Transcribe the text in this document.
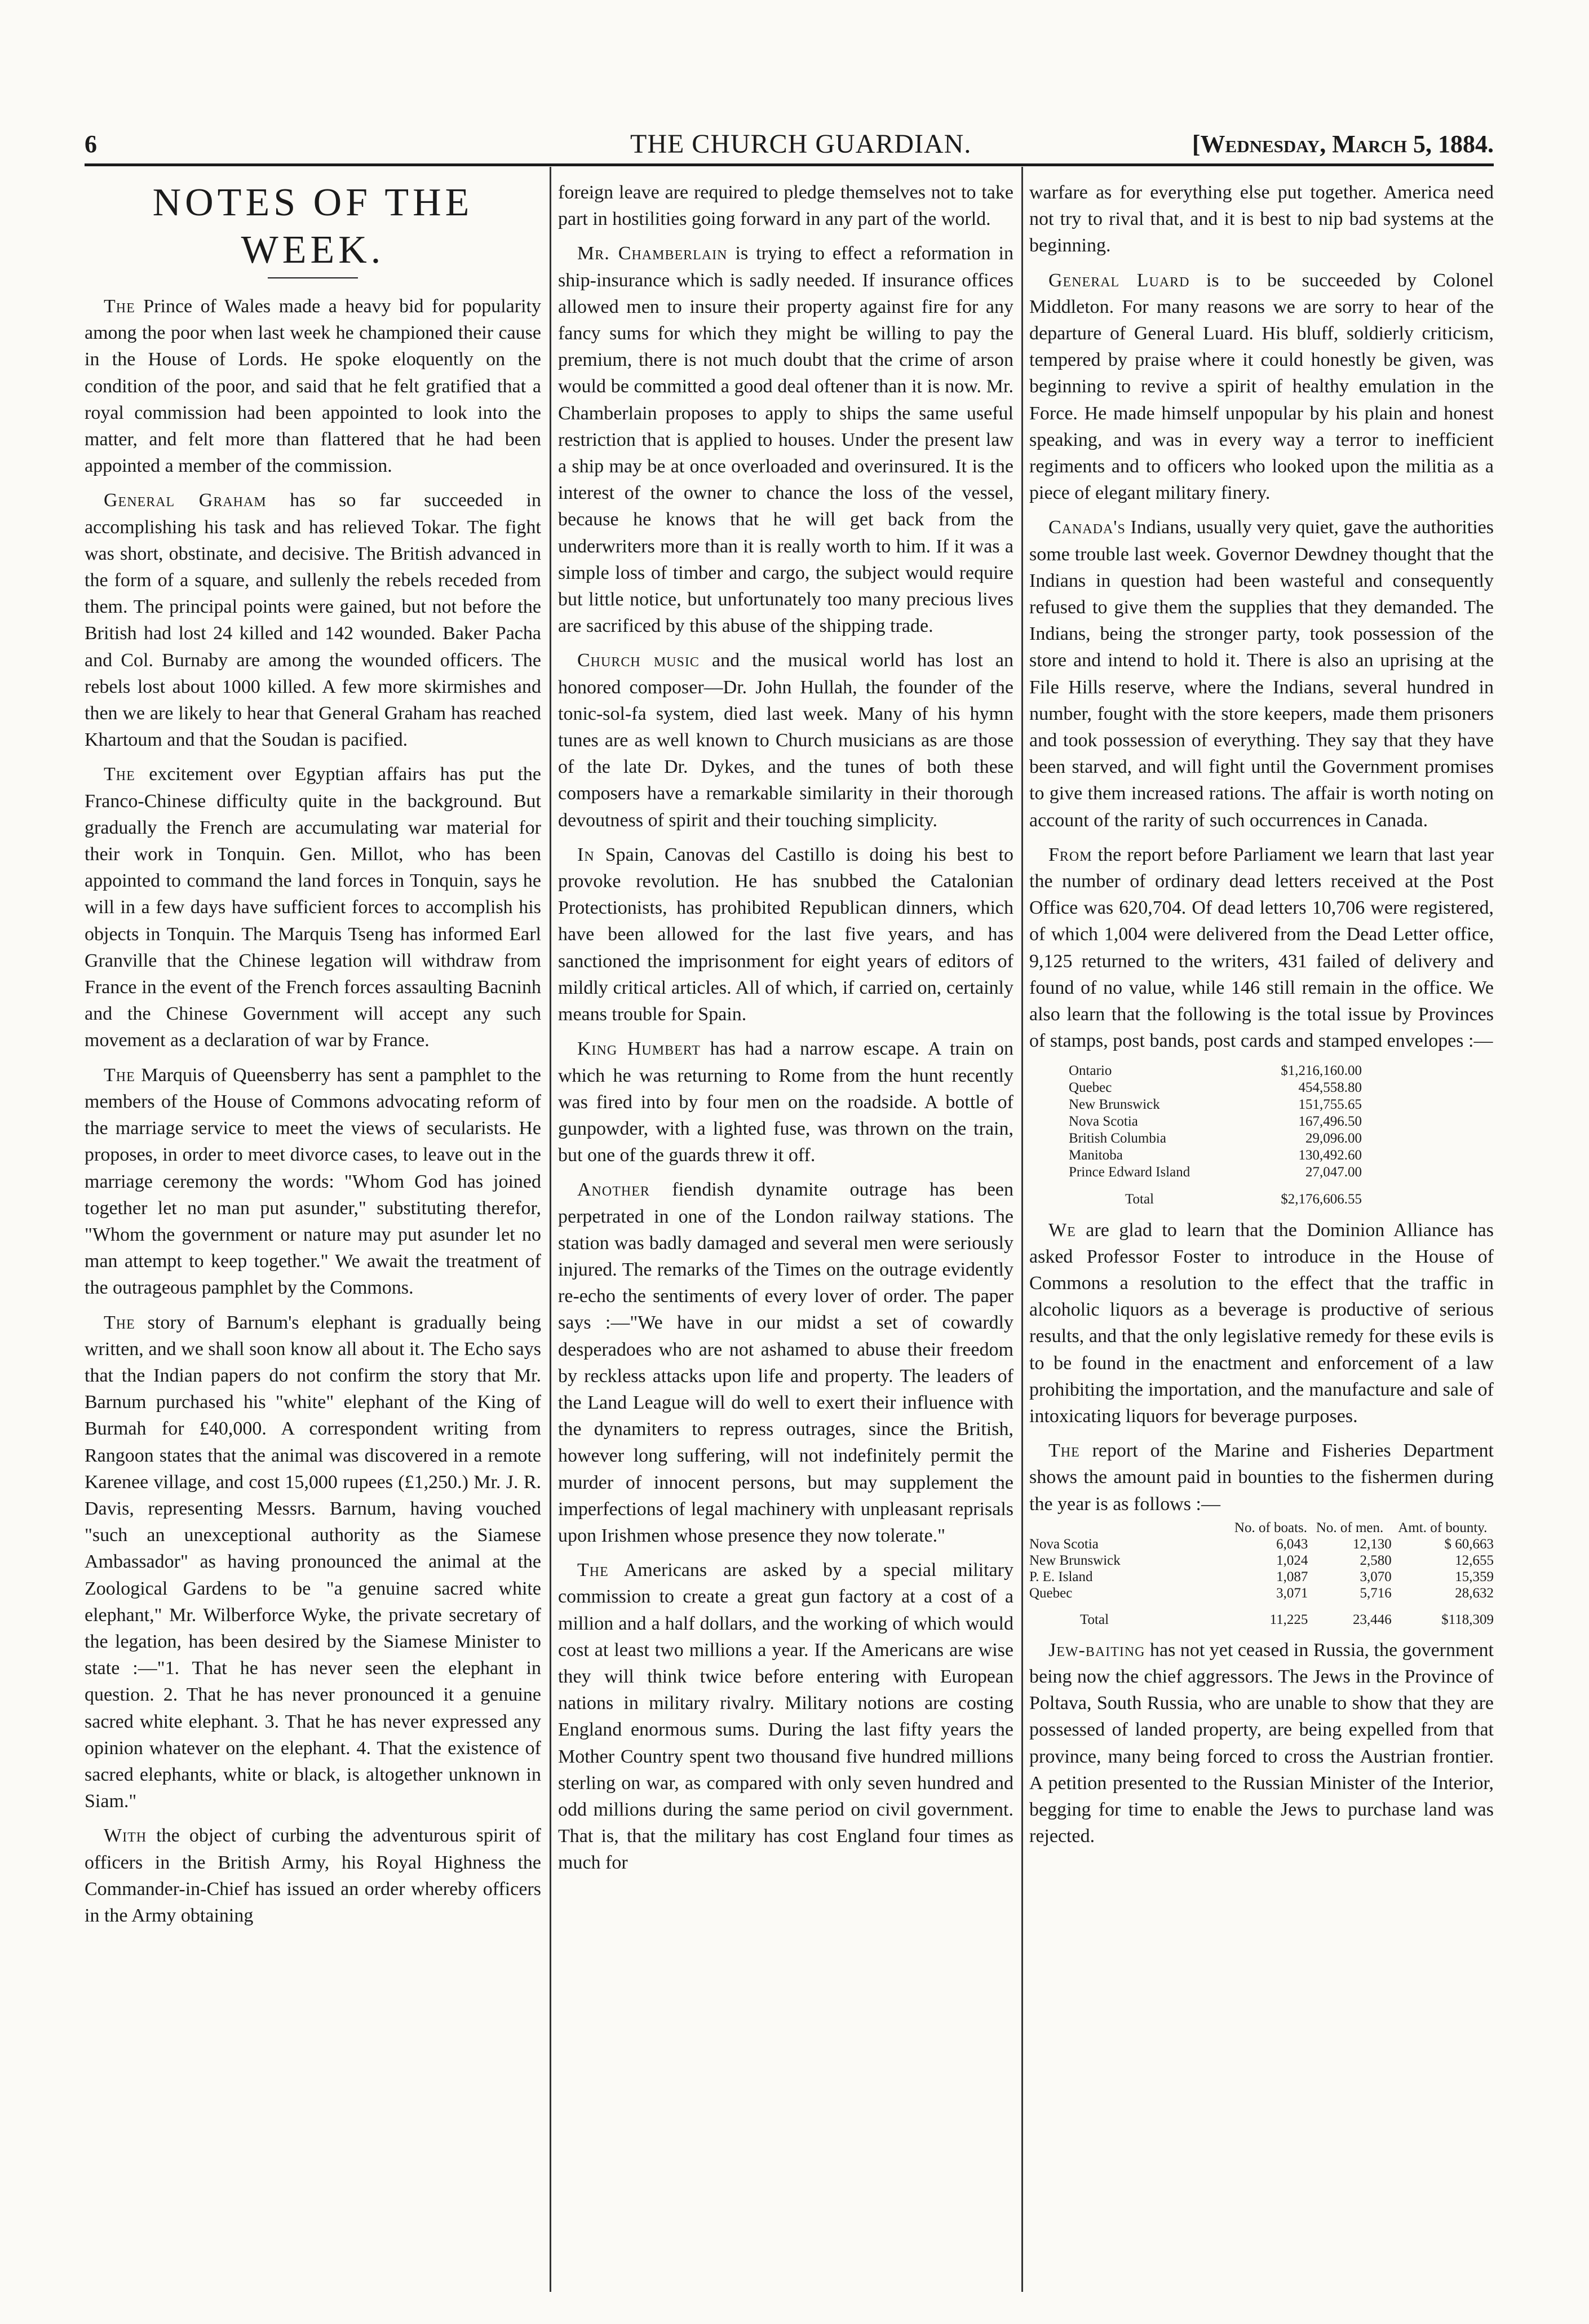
6	THE CHURCH GUARDIAN.	[Wednesday, March 5, 1884.
NOTES OF THE WEEK.

The Prince of Wales made a heavy bid for popularity among the poor when last week he championed their cause in the House of Lords. He spoke eloquently on the condition of the poor, and said that he felt gratified that a royal commission had been appointed to look into the matter, and felt more than flattered that he had been appointed a member of the commission.

General Graham has so far succeeded in accomplishing his task and has relieved Tokar. The fight was short, obstinate, and decisive. The British advanced in the form of a square, and sullenly the rebels receded from them. The principal points were gained, but not before the British had lost 24 killed and 142 wounded. Baker Pacha and Col. Burnaby are among the wounded officers. The rebels lost about 1000 killed. A few more skirmishes and then we are likely to hear that General Graham has reached Khartoum and that the Soudan is pacified.

The excitement over Egyptian affairs has put the Franco-Chinese difficulty quite in the background. But gradually the French are accumulating war material for their work in Tonquin. Gen. Millot, who has been appointed to command the land forces in Tonquin, says he will in a few days have sufficient forces to accomplish his objects in Tonquin. The Marquis Tseng has informed Earl Granville that the Chinese legation will withdraw from France in the event of the French forces assaulting Bacninh and the Chinese Government will accept any such movement as a declaration of war by France.

The Marquis of Queensberry has sent a pamphlet to the members of the House of Commons advocating reform of the marriage service to meet the views of secularists. He proposes, in order to meet divorce cases, to leave out in the marriage ceremony the words: "Whom God has joined together let no man put asunder," substituting therefor, "Whom the government or nature may put asunder let no man attempt to keep together." We await the treatment of the outrageous pamphlet by the Commons.

The story of Barnum's elephant is gradually being written, and we shall soon know all about it. The Echo says that the Indian papers do not confirm the story that Mr. Barnum purchased his "white" elephant of the King of Burmah for £40,000. A correspondent writing from Rangoon states that the animal was discovered in a remote Karenee village, and cost 15,000 rupees (£1,250.) Mr. J. R. Davis, representing Messrs. Barnum, having vouched "such an unexceptional authority as the Siamese Ambassador" as having pronounced the animal at the Zoological Gardens to be "a genuine sacred white elephant," Mr. Wilberforce Wyke, the private secretary of the legation, has been desired by the Siamese Minister to state :—"1. That he has never seen the elephant in question. 2. That he has never pronounced it a genuine sacred white elephant. 3. That he has never expressed any opinion whatever on the elephant. 4. That the existence of sacred elephants, white or black, is altogether unknown in Siam."

With the object of curbing the adventurous spirit of officers in the British Army, his Royal Highness the Commander-in-Chief has issued an order whereby officers in the Army obtaining

foreign leave are required to pledge themselves not to take part in hostilities going forward in any part of the world.

Mr. Chamberlain is trying to effect a reformation in ship-insurance which is sadly needed. If insurance offices allowed men to insure their property against fire for any fancy sums for which they might be willing to pay the premium, there is not much doubt that the crime of arson would be committed a good deal oftener than it is now. Mr. Chamberlain proposes to apply to ships the same useful restriction that is applied to houses. Under the present law a ship may be at once overloaded and overinsured. It is the interest of the owner to chance the loss of the vessel, because he knows that he will get back from the underwriters more than it is really worth to him. If it was a simple loss of timber and cargo, the subject would require but little notice, but unfortunately too many precious lives are sacrificed by this abuse of the shipping trade.

Church music and the musical world has lost an honored composer—Dr. John Hullah, the founder of the tonic-sol-fa system, died last week. Many of his hymn tunes are as well known to Church musicians as are those of the late Dr. Dykes, and the tunes of both these composers have a remarkable similarity in their thorough devoutness of spirit and their touching simplicity.

In Spain, Canovas del Castillo is doing his best to provoke revolution. He has snubbed the Catalonian Protectionists, has prohibited Republican dinners, which have been allowed for the last five years, and has sanctioned the imprisonment for eight years of editors of mildly critical articles. All of which, if carried on, certainly means trouble for Spain.

King Humbert has had a narrow escape. A train on which he was returning to Rome from the hunt recently was fired into by four men on the roadside. A bottle of gunpowder, with a lighted fuse, was thrown on the train, but one of the guards threw it off.

Another fiendish dynamite outrage has been perpetrated in one of the London railway stations. The station was badly damaged and several men were seriously injured. The remarks of the Times on the outrage evidently re-echo the sentiments of every lover of order. The paper says :—"We have in our midst a set of cowardly desperadoes who are not ashamed to abuse their freedom by reckless attacks upon life and property. The leaders of the Land League will do well to exert their influence with the dynamiters to repress outrages, since the British, however long suffering, will not indefinitely permit the murder of innocent persons, but may supplement the imperfections of legal machinery with unpleasant reprisals upon Irishmen whose presence they now tolerate."

The Americans are asked by a special military commission to create a great gun factory at a cost of a million and a half dollars, and the working of which would cost at least two millions a year. If the Americans are wise they will think twice before entering with European nations in military rivalry. Military notions are costing England enormous sums. During the last fifty years the Mother Country spent two thousand five hundred millions sterling on war, as compared with only seven hundred and odd millions during the same period on civil government. That is, that the military has cost England four times as much for

warfare as for everything else put together. America need not try to rival that, and it is best to nip bad systems at the beginning.

General Luard is to be succeeded by Colonel Middleton. For many reasons we are sorry to hear of the departure of General Luard. His bluff, soldierly criticism, tempered by praise where it could honestly be given, was beginning to revive a spirit of healthy emulation in the Force. He made himself unpopular by his plain and honest speaking, and was in every way a terror to inefficient regiments and to officers who looked upon the militia as a piece of elegant military finery.

Canada's Indians, usually very quiet, gave the authorities some trouble last week. Governor Dewdney thought that the Indians in question had been wasteful and consequently refused to give them the supplies that they demanded. The Indians, being the stronger party, took possession of the store and intend to hold it. There is also an uprising at the File Hills reserve, where the Indians, several hundred in number, fought with the store keepers, made them prisoners and took possession of everything. They say that they have been starved, and will fight until the Government promises to give them increased rations. The affair is worth noting on account of the rarity of such occurrences in Canada.

From the report before Parliament we learn that last year the number of ordinary dead letters received at the Post Office was 620,704. Of dead letters 10,706 were registered, of which 1,004 were delivered from the Dead Letter office, 9,125 returned to the writers, 431 failed of delivery and found of no value, while 146 still remain in the office. We also learn that the following is the total issue by Provinces of stamps, post bands, post cards and stamped envelopes :—

Ontario	$1,216,160.00
Quebec	454,558.80
New Brunswick	151,755.65
Nova Scotia	167,496.50
British Columbia	29,096.00
Manitoba	130,492.60
Prince Edward Island	27,047.00
Total	$2,176,606.55

We are glad to learn that the Dominion Alliance has asked Professor Foster to introduce in the House of Commons a resolution to the effect that the traffic in alcoholic liquors as a beverage is productive of serious results, and that the only legislative remedy for these evils is to be found in the enactment and enforcement of a law prohibiting the importation, and the manufacture and sale of intoxicating liquors for beverage purposes.

The report of the Marine and Fisheries Department shows the amount paid in bounties to the fishermen during the year is as follows :—

	No. of boats.	No. of men.	Amt. of bounty.
Nova Scotia	6,043	12,130	$ 60,663
New Brunswick	1,024	2,580	12,655
P. E. Island	1,087	3,070	15,359
Quebec	3,071	5,716	28,632
Total	11,225	23,446	$118,309

Jew-baiting has not yet ceased in Russia, the government being now the chief aggressors. The Jews in the Province of Poltava, South Russia, who are unable to show that they are possessed of landed property, are being expelled from that province, many being forced to cross the Austrian frontier. A petition presented to the Russian Minister of the Interior, begging for time to enable the Jews to purchase land was rejected.
